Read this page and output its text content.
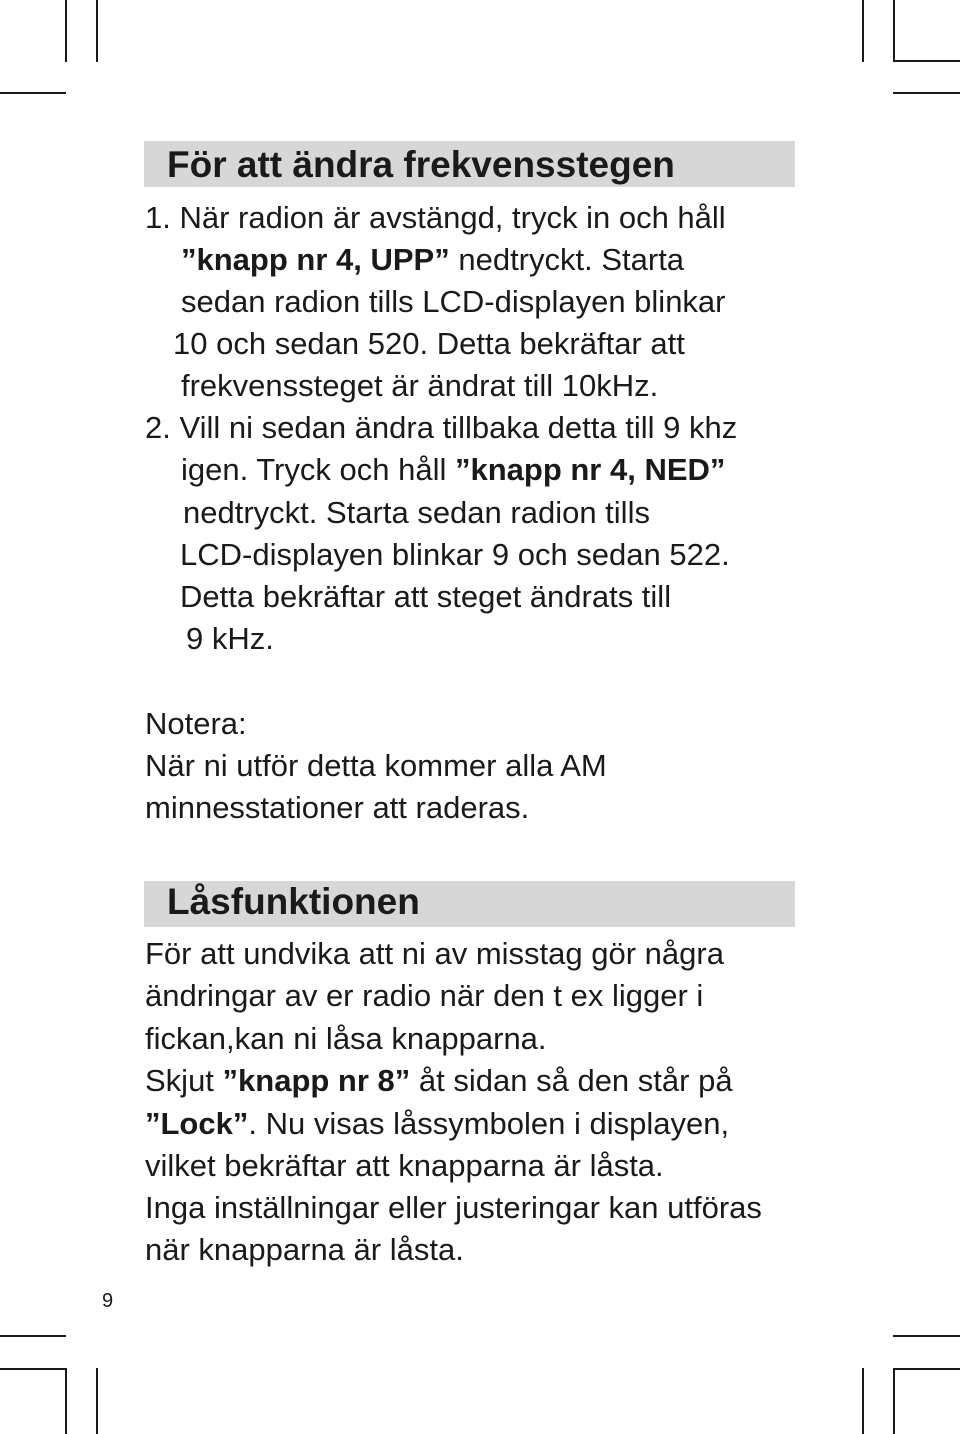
För att ändra frekvensstegen

1. När radion är avstängd, tryck in och håll

”knapp nr 4, UPP” nedtryckt. Starta

sedan radion tills LCD-displayen blinkar

10 och sedan 520. Detta bekräftar att

frekvenssteget är ändrat till 10kHz.

2. Vill ni sedan ändra tillbaka detta till 9 khz

igen. Tryck och håll ”knapp nr 4, NED”

nedtryckt. Starta sedan radion tills

LCD-displayen blinkar 9 och sedan 522.

Detta bekräftar att steget ändrats till

9 kHz.

Notera:

När ni utför detta kommer alla AM

minnesstationer att raderas.

Låsfunktionen

För att undvika att ni av misstag gör några

ändringar av er radio när den t ex ligger i

fickan,kan ni låsa knapparna.

Skjut ”knapp nr 8” åt sidan så den står på

”Lock”. Nu visas låssymbolen i displayen,

vilket bekräftar att knapparna är låsta.

Inga inställningar eller justeringar kan utföras

när knapparna är låsta.

9
